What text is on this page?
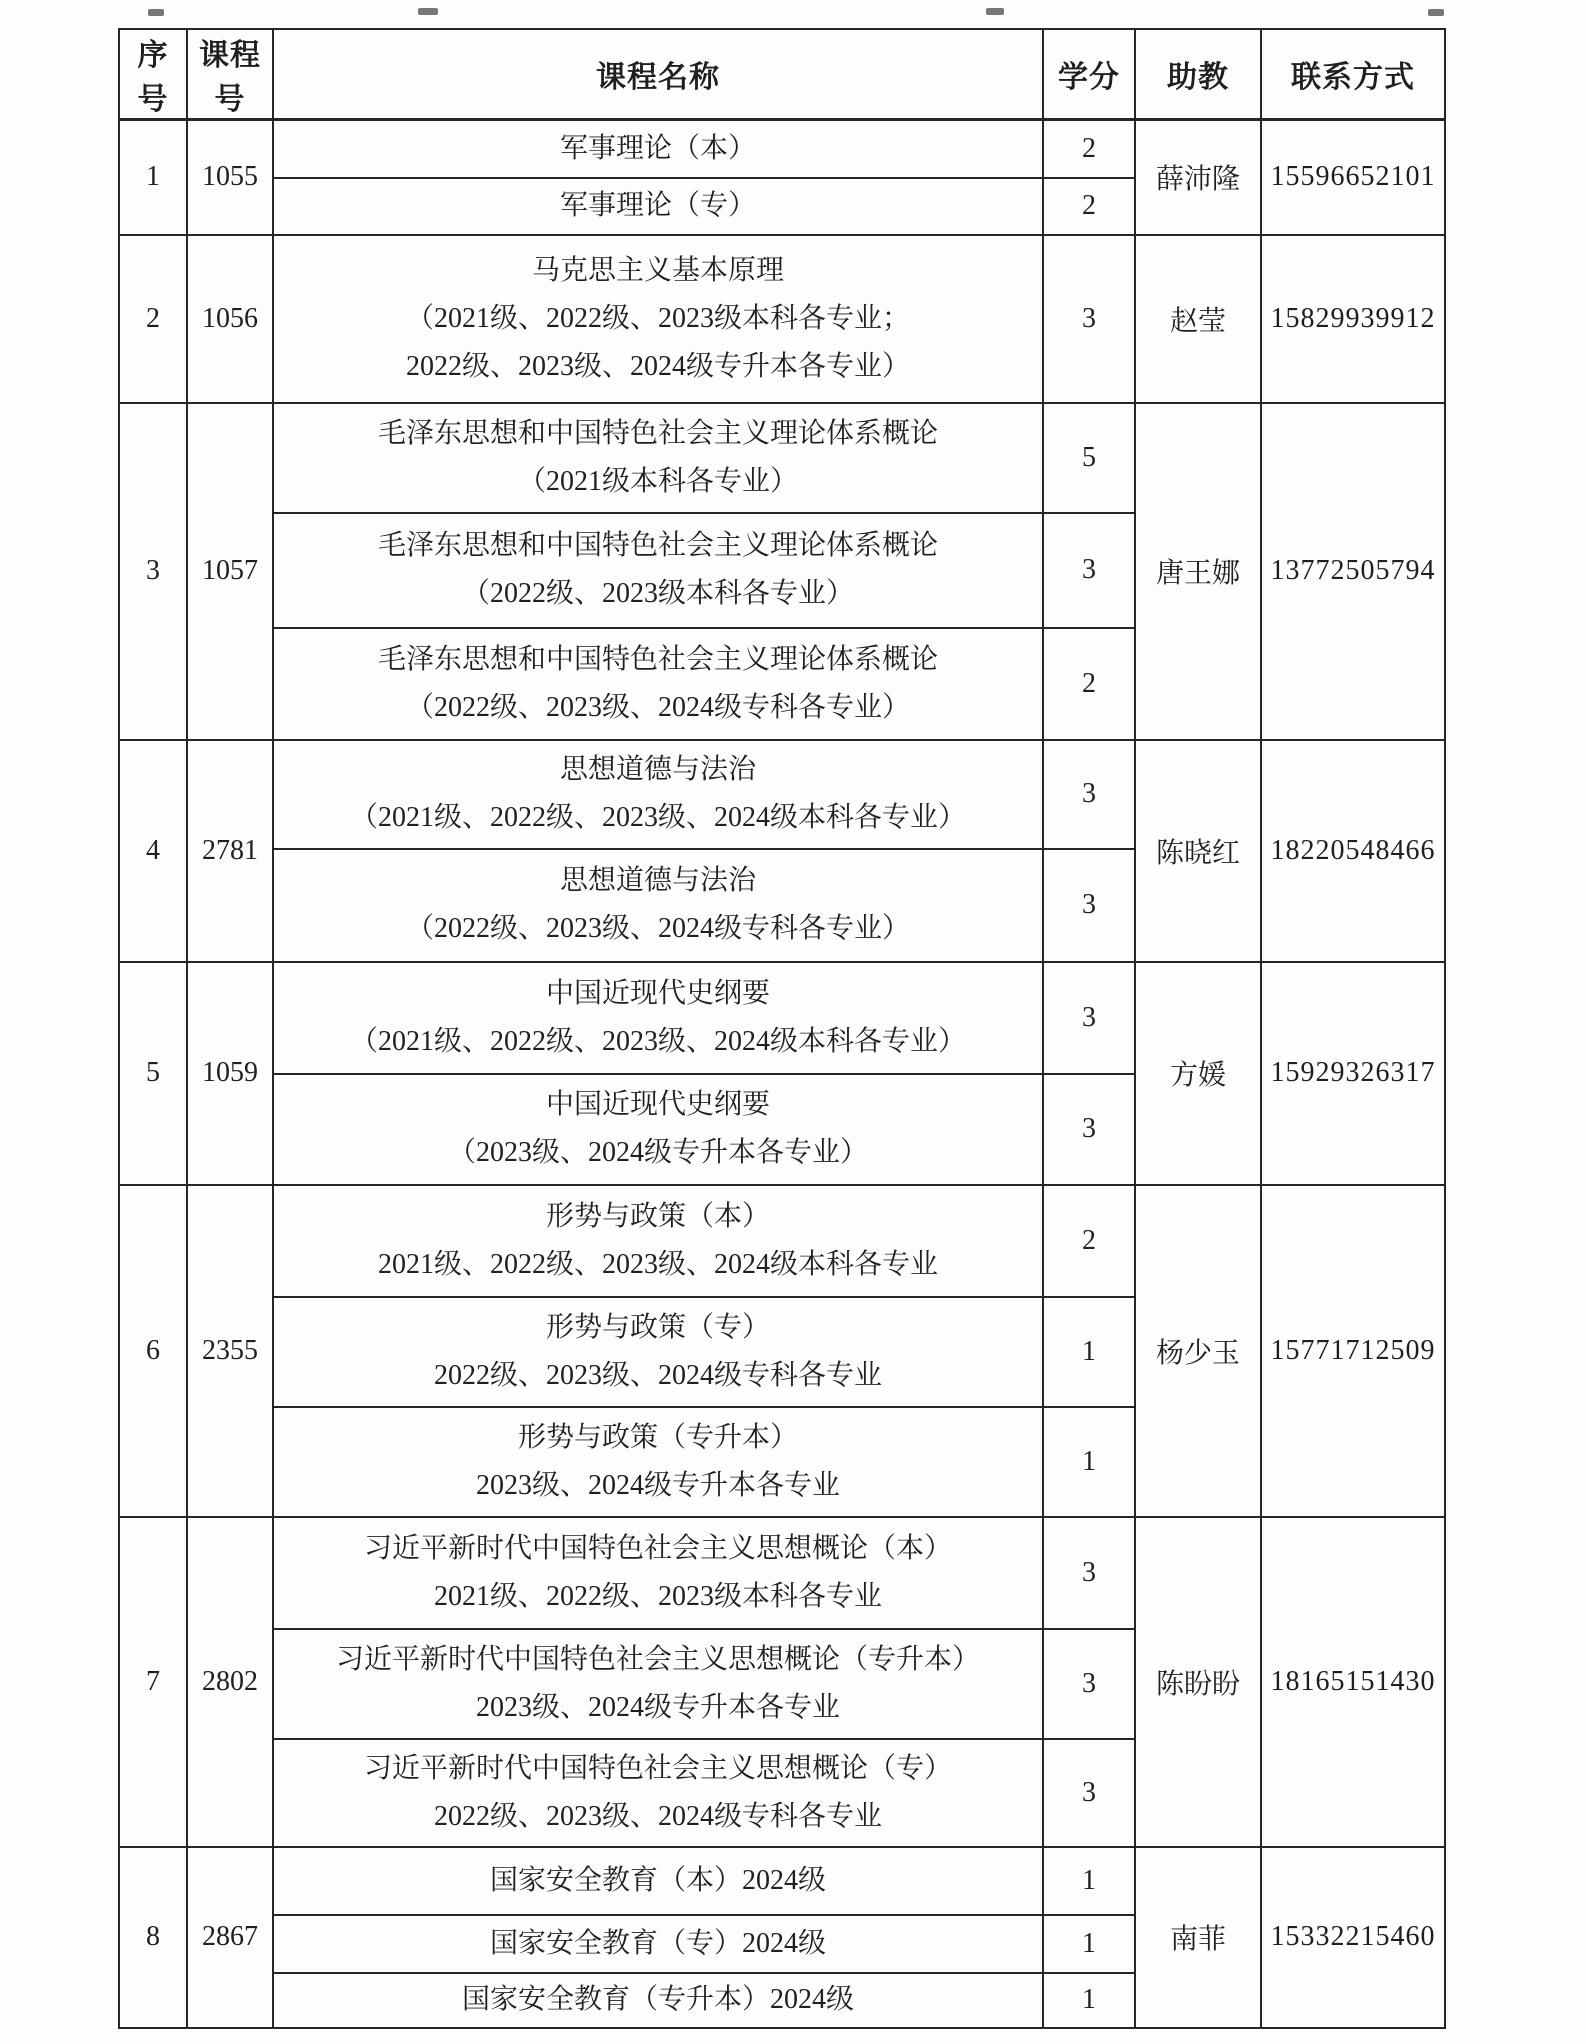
序号	课程号	课程名称	学分	助教	联系方式
1	1055	军事理论（本）	2	薛沛隆	15596652101

		军事理论（专）	2		
2	1056	马克思主义基本原理
（2021级、2022级、2023级本科各专业；
2022级、2023级、2024级专升本各专业）	3	赵莹	15829939912
3	1057	毛泽东思想和中国特色社会主义理论体系概论
（2021级本科各专业）	5	唐王娜	13772505794

		毛泽东思想和中国特色社会主义理论体系概论
（2022级、2023级本科各专业）	3		

		毛泽东思想和中国特色社会主义理论体系概论
（2022级、2023级、2024级专科各专业）	2		
4	2781	思想道德与法治
（2021级、2022级、2023级、2024级本科各专业）	3	陈晓红	18220548466

		思想道德与法治
（2022级、2023级、2024级专科各专业）	3		
5	1059	中国近现代史纲要
（2021级、2022级、2023级、2024级本科各专业）	3	方媛	15929326317

		中国近现代史纲要
（2023级、2024级专升本各专业）	3		
6	2355	形势与政策（本）
2021级、2022级、2023级、2024级本科各专业	2	杨少玉	15771712509

		形势与政策（专）
2022级、2023级、2024级专科各专业	1		

		形势与政策（专升本）
2023级、2024级专升本各专业	1		
7	2802	习近平新时代中国特色社会主义思想概论（本）
2021级、2022级、2023级本科各专业	3	陈盼盼	18165151430

		习近平新时代中国特色社会主义思想概论（专升本）
2023级、2024级专升本各专业	3		

		习近平新时代中国特色社会主义思想概论（专）
2022级、2023级、2024级专科各专业	3		
8	2867	国家安全教育（本）2024级	1	南菲	15332215460

		国家安全教育（专）2024级	1		

		国家安全教育（专升本）2024级	1		
